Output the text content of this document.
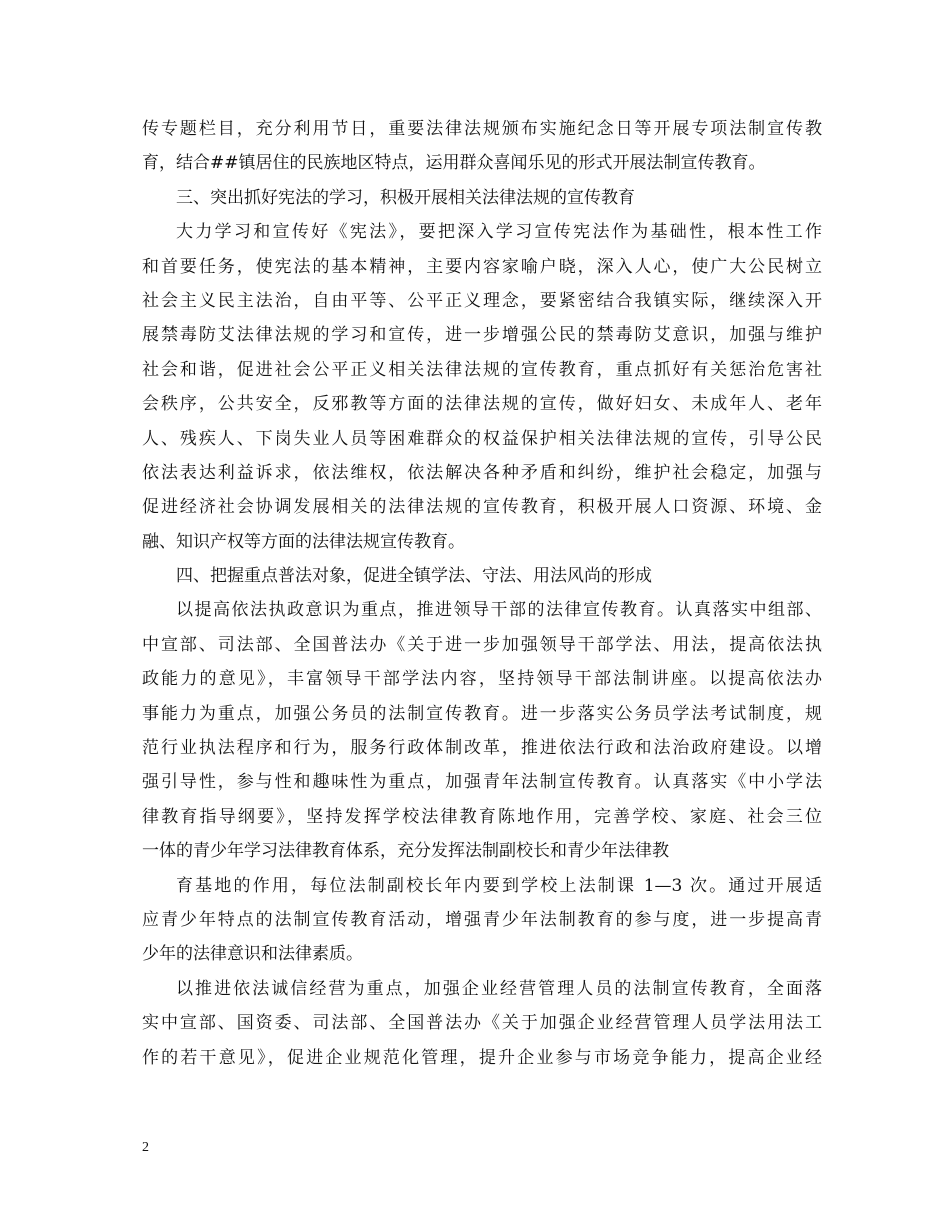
传专题栏目，充分利用节日，重要法律法规颁布实施纪念日等开展专项法制宣传教
育，结合##镇居住的民族地区特点，运用群众喜闻乐见的形式开展法制宣传教育。
三、突出抓好宪法的学习，积极开展相关法律法规的宣传教育
大力学习和宣传好《宪法》，要把深入学习宣传宪法作为基础性，根本性工作
和首要任务，使宪法的基本精神，主要内容家喻户晓，深入人心，使广大公民树立
社会主义民主法治，自由平等、公平正义理念，要紧密结合我镇实际，继续深入开
展禁毒防艾法律法规的学习和宣传，进一步增强公民的禁毒防艾意识，加强与维护
社会和谐，促进社会公平正义相关法律法规的宣传教育，重点抓好有关惩治危害社
会秩序，公共安全，反邪教等方面的法律法规的宣传，做好妇女、未成年人、老年
人、残疾人、下岗失业人员等困难群众的权益保护相关法律法规的宣传，引导公民
依法表达利益诉求，依法维权，依法解决各种矛盾和纠纷，维护社会稳定，加强与
促进经济社会协调发展相关的法律法规的宣传教育，积极开展人口资源、环境、金
融、知识产权等方面的法律法规宣传教育。
四、把握重点普法对象，促进全镇学法、守法、用法风尚的形成
以提高依法执政意识为重点，推进领导干部的法律宣传教育。认真落实中组部、
中宣部、司法部、全国普法办《关于进一步加强领导干部学法、用法，提高依法执
政能力的意见》，丰富领导干部学法内容，坚持领导干部法制讲座。以提高依法办
事能力为重点，加强公务员的法制宣传教育。进一步落实公务员学法考试制度，规
范行业执法程序和行为，服务行政体制改革，推进依法行政和法治政府建设。以增
强引导性，参与性和趣味性为重点，加强青年法制宣传教育。认真落实《中小学法
律教育指导纲要》，坚持发挥学校法律教育陈地作用，完善学校、家庭、社会三位
一体的青少年学习法律教育体系，充分发挥法制副校长和青少年法律教
育基地的作用，每位法制副校长年内要到学校上法制课 1—3 次。通过开展适
应青少年特点的法制宣传教育活动，增强青少年法制教育的参与度，进一步提高青
少年的法律意识和法律素质。
以推进依法诚信经营为重点，加强企业经营管理人员的法制宣传教育，全面落
实中宣部、国资委、司法部、全国普法办《关于加强企业经营管理人员学法用法工
作的若干意见》，促进企业规范化管理，提升企业参与市场竞争能力，提高企业经
2
